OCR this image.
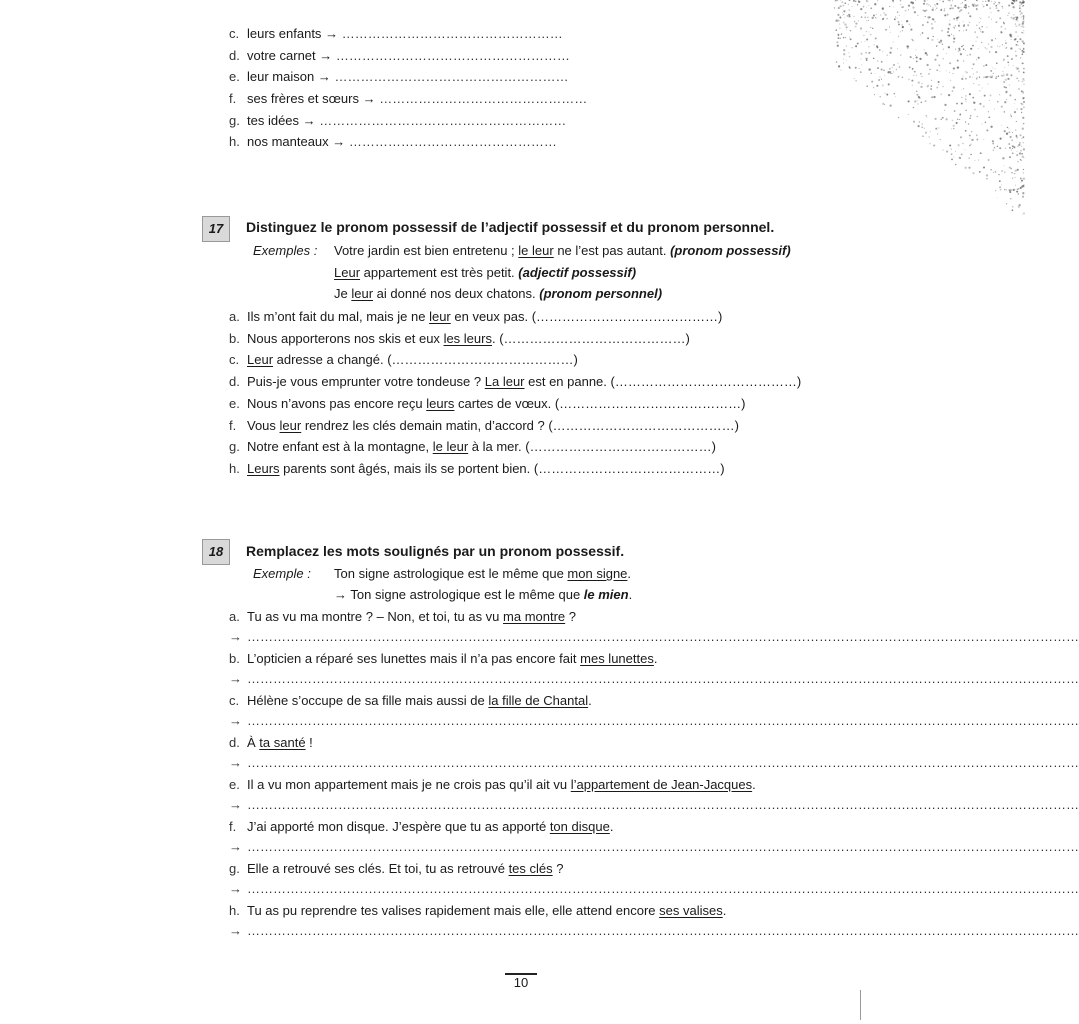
c. leurs enfants → ……………………………………………
d. votre carnet → ………………………………………………
e. leur maison → ………………………………………………
f. ses frères et sœurs → …………………………………………
g. tes idées → …………………………………………………
h. nos manteaux → …………………………………………
17	Distinguez le pronom possessif de l’adjectif possessif et du pronom personnel.
Exemples : Votre jardin est bien entretenu ; le leur ne l’est pas autant. (pronom possessif)
Leur appartement est très petit. (adjectif possessif)
Je leur ai donné nos deux chatons. (pronom personnel)
a. Ils m’ont fait du mal, mais je ne leur en veux pas. (……………………………………)
b. Nous apporterons nos skis et eux les leurs. (……………………………………)
c. Leur adresse a changé. (……………………………………)
d. Puis-je vous emprunter votre tondeuse ? La leur est en panne. (……………………………………)
e. Nous n’avons pas encore reçu leurs cartes de vœux. (……………………………………)
f. Vous leur rendrez les clés demain matin, d’accord ? (……………………………………)
g. Notre enfant est à la montagne, le leur à la mer. (……………………………………)
h. Leurs parents sont âgés, mais ils se portent bien. (……………………………………)
18	Remplacez les mots soulignés par un pronom possessif.
Exemple : Ton signe astrologique est le même que mon signe.
→ Ton signe astrologique est le même que le mien.
a. Tu as vu ma montre ? – Non, et toi, tu as vu ma montre ?
→ …………………………………………………………………………………………………………………………………………………………………………
b. L’opticien a réparé ses lunettes mais il n’a pas encore fait mes lunettes.
→ …………………………………………………………………………………………………………………………………………………………………………
c. Hélène s’occupe de sa fille mais aussi de la fille de Chantal.
→ …………………………………………………………………………………………………………………………………………………………………………
d. À ta santé !
→ …………………………………………………………………………………………………………………………………………………………………………
e. Il a vu mon appartement mais je ne crois pas qu’il ait vu l’appartement de Jean-Jacques.
→ …………………………………………………………………………………………………………………………………………………………………………
f. J’ai apporté mon disque. J’espère que tu as apporté ton disque.
→ …………………………………………………………………………………………………………………………………………………………………………
g. Elle a retrouvé ses clés. Et toi, tu as retrouvé tes clés ?
→ …………………………………………………………………………………………………………………………………………………………………………
h. Tu as pu reprendre tes valises rapidement mais elle, elle attend encore ses valises.
→ …………………………………………………………………………………………………………………………………………………………………………
10
